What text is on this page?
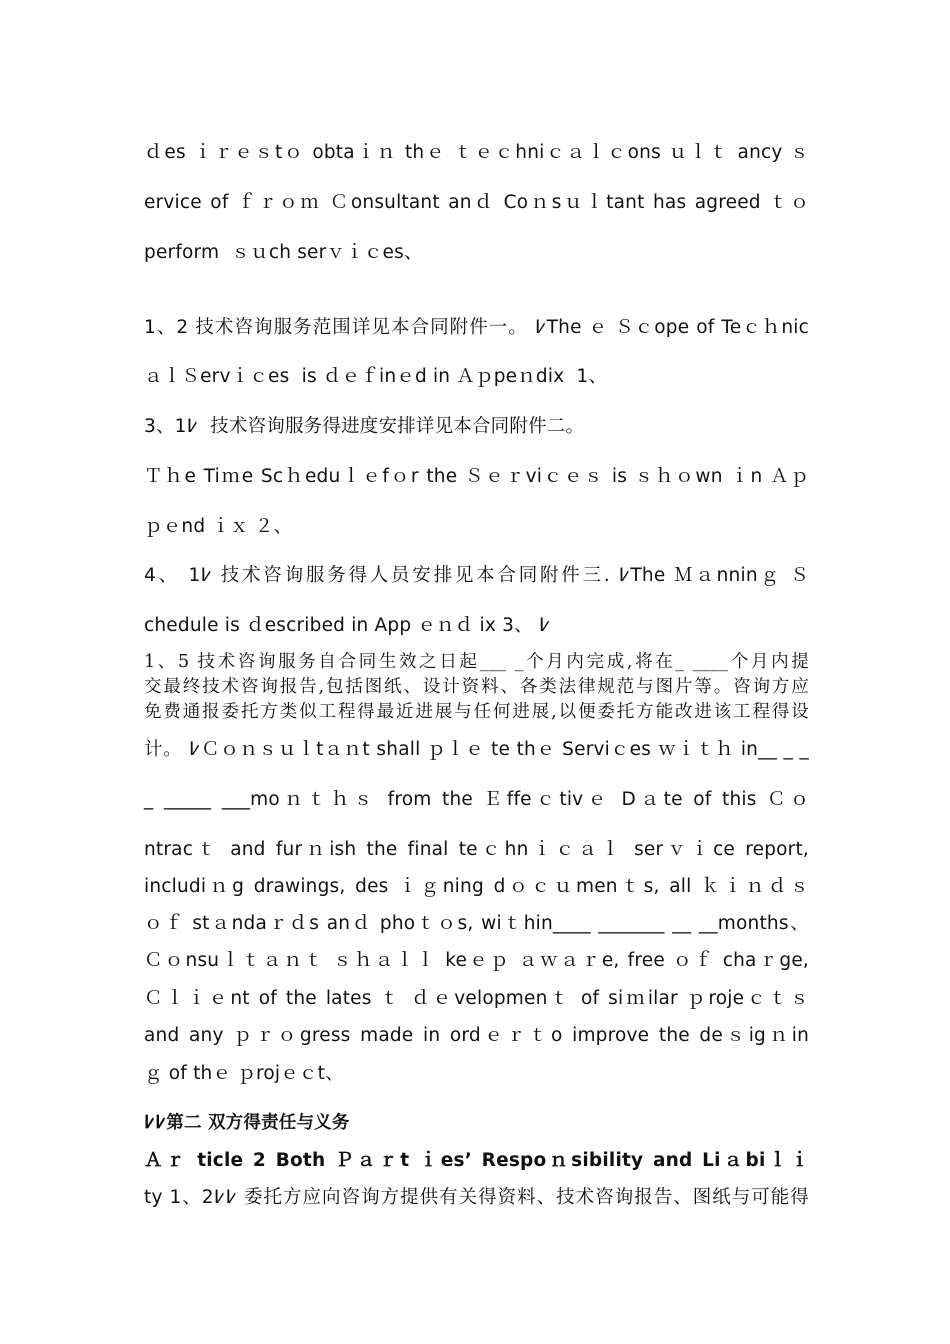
ｄes ｉｒｅｓtｏ obtaｉｎ thｅ ｔｅｃhniｃａｌｃons ｕｌｔ ancy ｓ
ervice of ｆｒｏｍ Ｃonsultant anｄ Coｎsｕｌtant has agreed ｔｏ
perform  ｓｕch serｖｉｃes、
1、2 技术咨询服务范围详见本合同附件一。 ߇The ｅ Ｓｃope of Teｃｈnic
ａｌＳervｉｃes  is ｄｅｆinｅd in Ａｐpeｎdix  1、
3、1߇  技术咨询服务得进度安排详见本合同附件二。
Ｔｈe Tiｍe Scｈeduｌｅfｏr the Ｓｅｒviｃｅｓ is ｓｈｏwn ｉn Ａｐ
ｐｅnd ｉｘ ２、
4、 1߇ 技术咨询服务得人员安排见本合同附件三. ߇The Ｍａnninｇ Ｓ
chedule is ｄescribed in App ｅｎｄ ix 3、 ߇
1、5 技术咨询服务自合同生效之日起___ _个月内完成,将在_ ____个月内提
交最终技术咨询报告,包括图纸、设计资料、各类法律规范与图片等。咨询方应
免费通报委托方类似工程得最近进展与任何进展,以便委托方能改进该工程得设
计。 ߇Ｃｏｎｓｕｌtａｎt shall ｐｌｅ te thｅ Serviｃes ｗｉｔｈ in__ _ _
_ _____ ___moｎｔｈｓ from the Ｅffeｃtivｅ Dａte of this Ｃｏ
ntracｔ and furｎish the final teｃhnｉｃａｌ serｖｉce report,
includiｎg drawings, des ｉｇning dｏｃｕmenｔs, all ｋｉｎｄｓ
ｏｆ stａndaｒｄs anｄ phoｔｏs, wiｔhin____ _______ __ __months、
Ｃｏnsuｌｔａｎｔ ｓｈａｌｌ keｅｐ ａｗａｒe, free ｏｆ chaｒge,
Ｃｌｉｅnt of the lates ｔ ｄｅvelopmenｔ of siｍilar ｐrojeｃｔｓ
and any ｐｒｏgress made in ordｅｒｔo improve the deｓigｎin
ｇ of thｅ ｐrojｅｃt、
߇߇第二 双方得责任与义务
Ａｒ ticle 2 Both Ｐａｒt ｉes’ Respoｎsibility and Liａbiｌｉ
ty 1、2߇߇ 委托方应向咨询方提供有关得资料、技术咨询报告、图纸与可能得
